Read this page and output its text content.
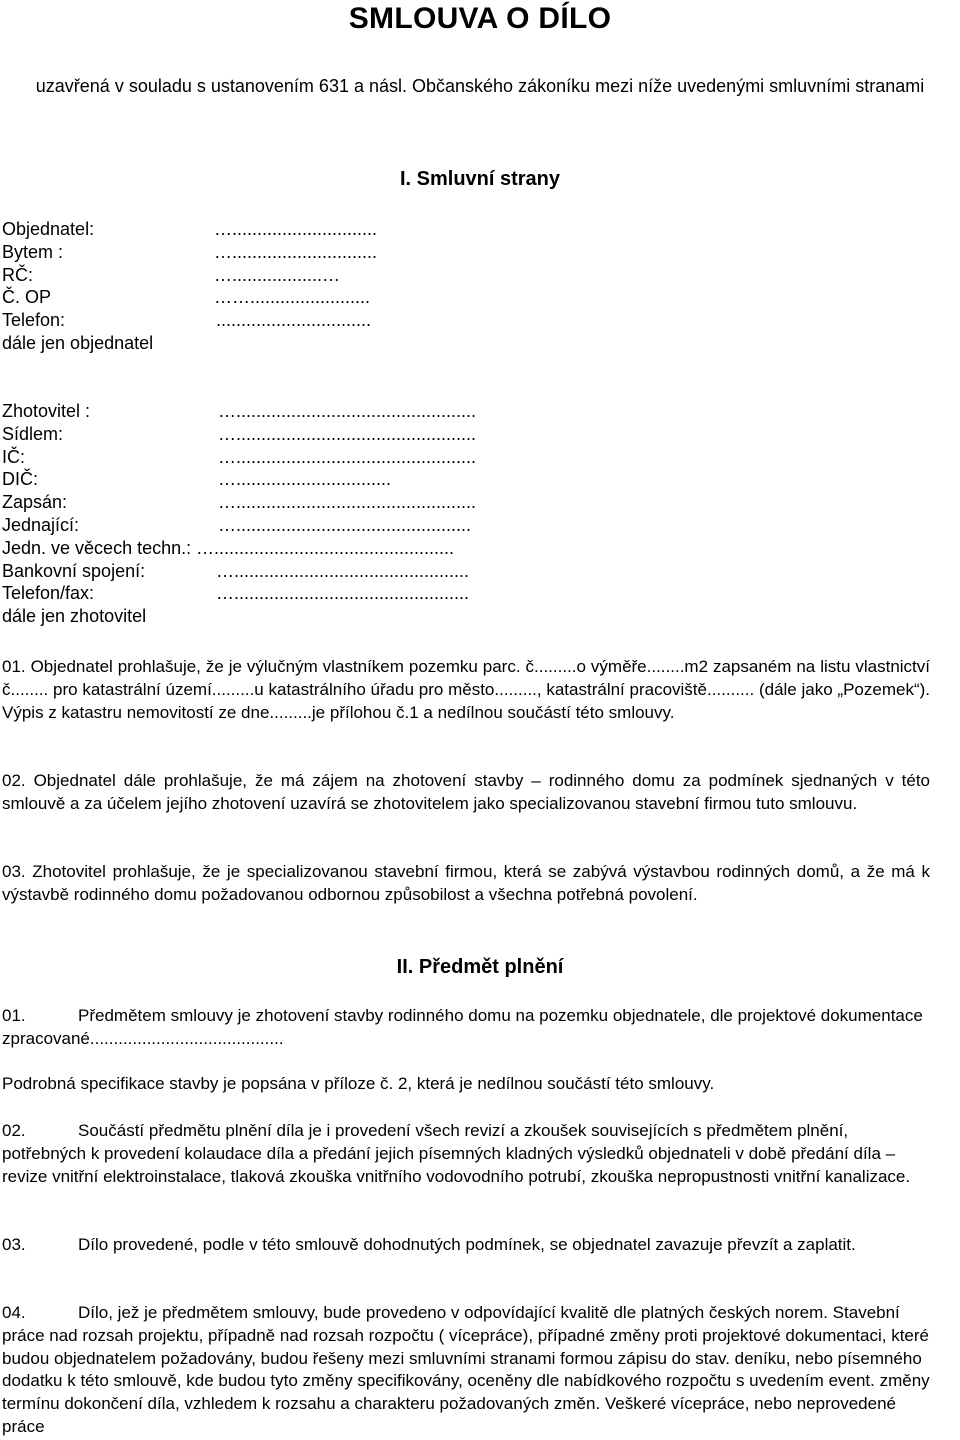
SMLOUVA O DÍLO
uzavřená v souladu s ustanovením 631 a násl. Občanského zákoníku mezi níže uvedenými smluvními stranami
I. Smluvní strany
Objednatel:	….............................
Bytem :	….............................
RČ:	…..................…
Č. OP	……........................
Telefon:	...............................
dále jen objednatel
Zhotovitel :	…................................................
Sídlem:	…................................................
IČ:	…................................................
DIČ:	…...............................
Zapsán:	…................................................
Jednající:	…...............................................
Jedn. ve věcech techn.: …................................................
Bankovní spojení:	…...............................................
Telefon/fax:	…...............................................
dále jen zhotovitel
01. Objednatel prohlašuje, že je výlučným vlastníkem pozemku parc. č.........o výměře........m2 zapsaném na listu vlastnictví č........ pro katastrální území.........u katastrálního úřadu pro město........., katastrální pracoviště.......... (dále jako „Pozemek“). Výpis z katastru nemovitostí ze dne.........je přílohou č.1 a nedílnou součástí této smlouvy.
02. Objednatel dále prohlašuje, že má zájem na zhotovení stavby – rodinného domu za podmínek sjednaných v této smlouvě a za účelem jejího zhotovení uzavírá se zhotovitelem jako specializovanou stavební firmou tuto smlouvu.
03. Zhotovitel prohlašuje, že je specializovanou stavební firmou, která se zabývá výstavbou rodinných domů, a že má k výstavbě rodinného domu požadovanou odbornou způsobilost a všechna potřebná povolení.
II. Předmět plnění
01.	Předmětem smlouvy je zhotovení stavby rodinného domu na pozemku objednatele, dle projektové dokumentace zpracované.........................................
Podrobná specifikace stavby je popsána v příloze č. 2, která je nedílnou součástí této smlouvy.
02.	Součástí předmětu plnění díla je i provedení všech revizí a zkoušek souvisejících s předmětem plnění, potřebných k provedení kolaudace díla a předání jejich písemných kladných výsledků objednateli v době předání díla – revize vnitřní elektroinstalace, tlaková zkouška vnitřního vodovodního potrubí, zkouška nepropustnosti vnitřní kanalizace.
03.	Dílo provedené, podle v této smlouvě dohodnutých podmínek, se objednatel zavazuje převzít a zaplatit.
04.	Dílo, jež je předmětem smlouvy, bude provedeno v odpovídající kvalitě dle platných českých norem. Stavební práce nad rozsah projektu, případně nad rozsah rozpočtu ( vícepráce), případné změny proti projektové dokumentaci, které budou objednatelem požadovány, budou řešeny mezi smluvními stranami formou zápisu do stav. deníku, nebo písemného dodatku k této smlouvě, kde budou tyto změny specifikovány, oceněny dle nabídkového rozpočtu s uvedením event. změny termínu dokončení díla, vzhledem k rozsahu a charakteru požadovaných změn. Veškeré vícepráce, nebo neprovedené práce
